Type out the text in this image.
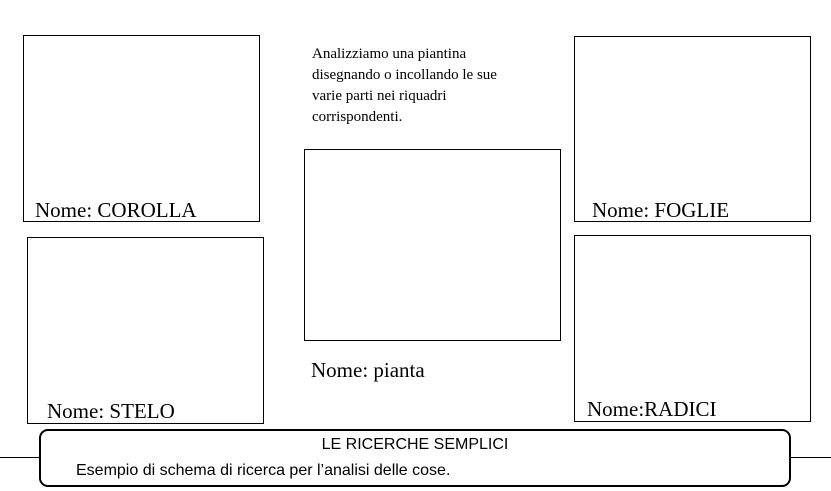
Nome: COROLLA
Nome: STELO
Analizziamo una piantina disegnando o incollando le sue varie parti nei riquadri corrispondenti.
Nome: pianta
Nome: FOGLIE
Nome:RADICI
LE RICERCHE SEMPLICI
Esempio di schema di ricerca per l’analisi delle cose.
